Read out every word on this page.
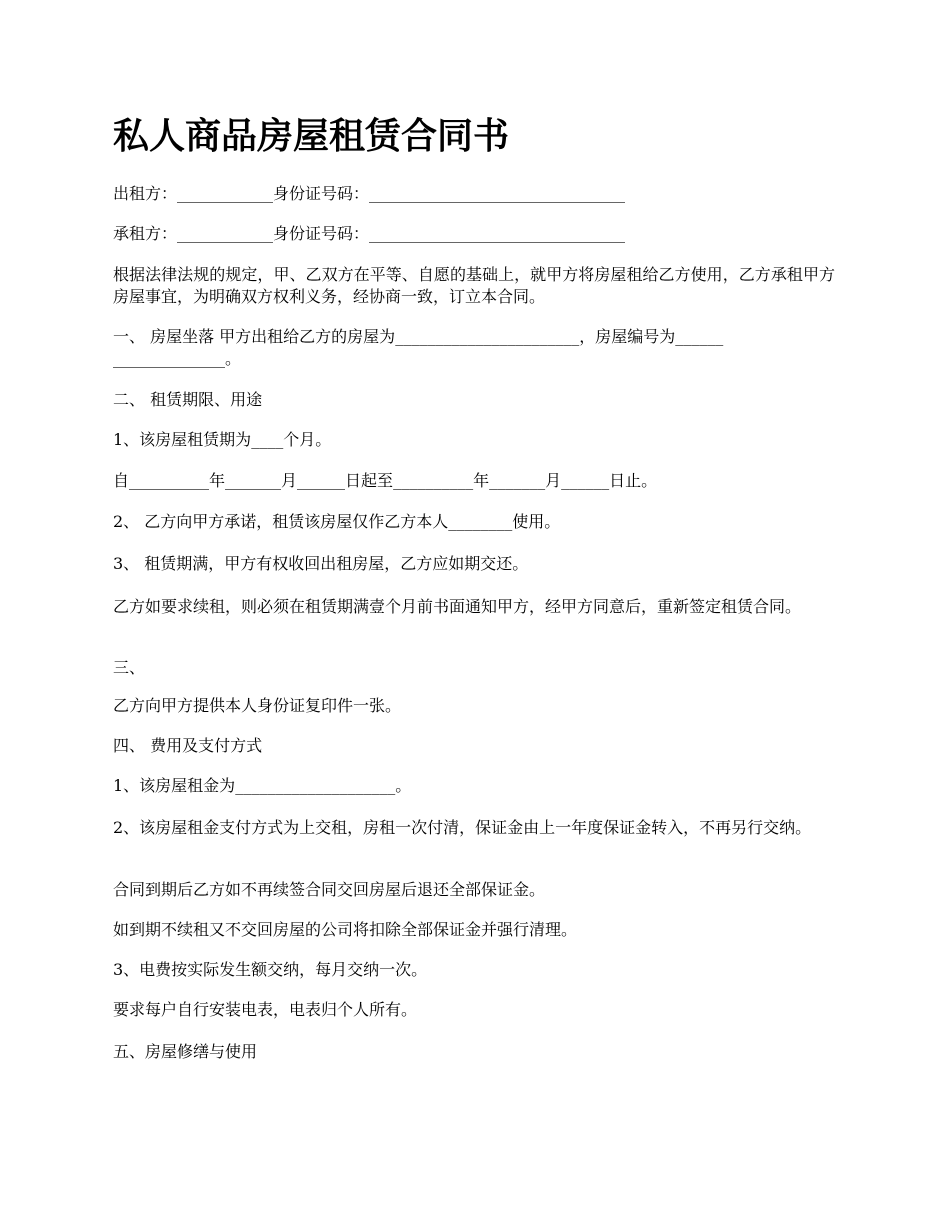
私人商品房屋租赁合同书

出租方：____________身份证号码：________________________________

承租方：____________身份证号码：________________________________

根据法律法规的规定，甲、乙双方在平等、自愿的基础上，就甲方将房屋租给乙方使用，乙方承租甲方房屋事宜，为明确双方权利义务，经协商一致，订立本合同。

一、 房屋坐落 甲方出租给乙方的房屋为_______________________，房屋编号为______

______________。

二、 租赁期限、用途

1、该房屋租赁期为____个月。

自__________年_______月______日起至__________年_______月______日止。

2、 乙方向甲方承诺，租赁该房屋仅作乙方本人________使用。

3、 租赁期满，甲方有权收回出租房屋，乙方应如期交还。

乙方如要求续租，则必须在租赁期满壹个月前书面通知甲方，经甲方同意后，重新签定租赁合同。

三、

乙方向甲方提供本人身份证复印件一张。

四、 费用及支付方式

1、该房屋租金为____________________。

2、该房屋租金支付方式为上交租，房租一次付清，保证金由上一年度保证金转入，不再另行交纳。

合同到期后乙方如不再续签合同交回房屋后退还全部保证金。

如到期不续租又不交回房屋的公司将扣除全部保证金并强行清理。

3、电费按实际发生额交纳，每月交纳一次。

要求每户自行安装电表，电表归个人所有。

五、房屋修缮与使用
